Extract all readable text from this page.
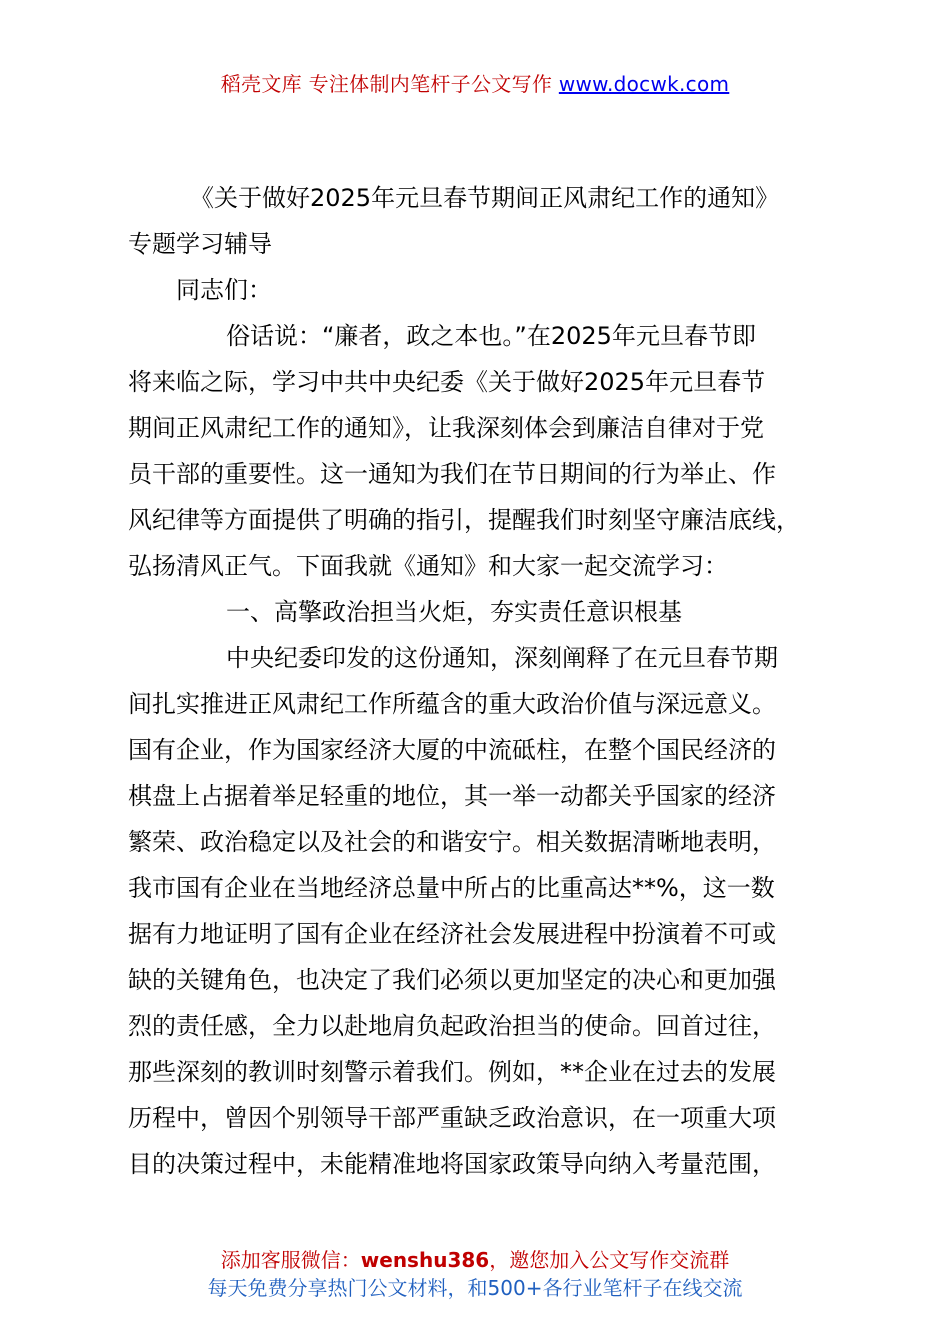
稻壳文库 专注体制内笔杆子公文写作 www.docwk.com
《关于做好2025年元旦春节期间正风肃纪工作的通知》
专题学习辅导
同志们：
俗话说：“廉者，政之本也。”在2025年元旦春节即
将来临之际，学习中共中央纪委《关于做好2025年元旦春节
期间正风肃纪工作的通知》，让我深刻体会到廉洁自律对于党
员干部的重要性。这一通知为我们在节日期间的行为举止、作
风纪律等方面提供了明确的指引，提醒我们时刻坚守廉洁底线，
弘扬清风正气。下面我就《通知》和大家一起交流学习：
一、高擎政治担当火炬，夯实责任意识根基
中央纪委印发的这份通知，深刻阐释了在元旦春节期
间扎实推进正风肃纪工作所蕴含的重大政治价值与深远意义。
国有企业，作为国家经济大厦的中流砥柱，在整个国民经济的
棋盘上占据着举足轻重的地位，其一举一动都关乎国家的经济
繁荣、政治稳定以及社会的和谐安宁。相关数据清晰地表明，
我市国有企业在当地经济总量中所占的比重高达**%，这一数
据有力地证明了国有企业在经济社会发展进程中扮演着不可或
缺的关键角色，也决定了我们必须以更加坚定的决心和更加强
烈的责任感，全力以赴地肩负起政治担当的使命。回首过往，
那些深刻的教训时刻警示着我们。例如，**企业在过去的发展
历程中，曾因个别领导干部严重缺乏政治意识，在一项重大项
目的决策过程中，未能精准地将国家政策导向纳入考量范围，
添加客服微信：wenshu386，邀您加入公文写作交流群
每天免费分享热门公文材料，和500+各行业笔杆子在线交流
